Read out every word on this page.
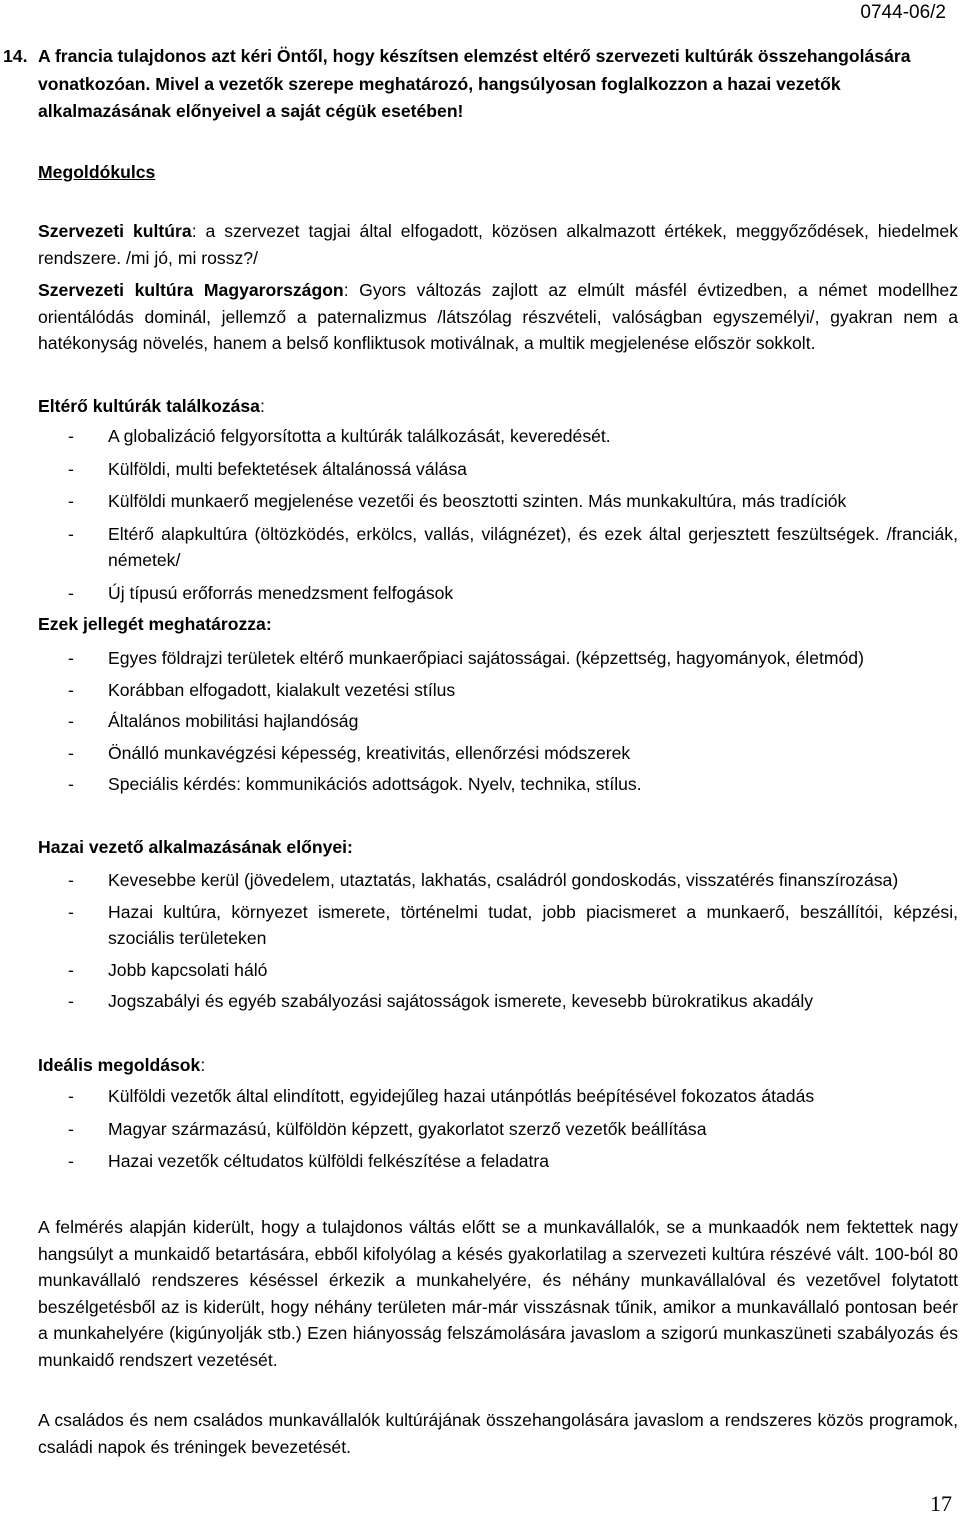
0744-06/2
14. A francia tulajdonos azt kéri Öntől, hogy készítsen elemzést eltérő szervezeti kultúrák összehangolására vonatkozóan. Mivel a vezetők szerepe meghatározó, hangsúlyosan foglalkozzon a hazai vezetők alkalmazásának előnyeivel a saját cégük esetében!
Megoldókulcs

Szervezeti kultúra: a szervezet tagjai által elfogadott, közösen alkalmazott értékek, meggyőződések, hiedelmek rendszere. /mi jó, mi rossz?/

Szervezeti kultúra Magyarországon: Gyors változás zajlott az elmúlt másfél évtizedben, a német modellhez orientálódás dominál, jellemző a paternalizmus /látszólag részvételi, valóságban egyszemélyi/, gyakran nem a hatékonyság növelés, hanem a belső konfliktusok motiválnak, a multik megjelenése először sokkolt.

Eltérő kultúrák találkozása:
- A globalizáció felgyorsította a kultúrák találkozását, keveredését.
- Külföldi, multi befektetések általánossá válása
- Külföldi munkaerő megjelenése vezetői és beosztotti szinten. Más munkakultúra, más tradíciók
- Eltérő alapkultúra (öltözködés, erkölcs, vallás, világnézet), és ezek által gerjesztett feszültségek. /franciák, németek/
- Új típusú erőforrás menedzsment felfogások
Ezek jellegét meghatározza:
- Egyes földrajzi területek eltérő munkaerőpiaci sajátosságai. (képzettség, hagyományok, életmód)
- Korábban elfogadott, kialakult vezetési stílus
- Általános mobilitási hajlandóság
- Önálló munkavégzési képesség, kreativitás, ellenőrzési módszerek
- Speciális kérdés: kommunikációs adottságok. Nyelv, technika, stílus.
Hazai vezető alkalmazásának előnyei:
- Kevesebbe kerül (jövedelem, utaztatás, lakhatás, családról gondoskodás, visszatérés finanszírozása)
- Hazai kultúra, környezet ismerete, történelmi tudat, jobb piacismeret a munkaerő, beszállítói, képzési, szociális területeken
- Jobb kapcsolati háló
- Jogszabályi és egyéb szabályozási sajátosságok ismerete, kevesebb bürokratikus akadály
Ideális megoldások:
- Külföldi vezetők által elindított, egyidejűleg hazai utánpótlás beépítésével fokozatos átadás
- Magyar származású, külföldön képzett, gyakorlatot szerző vezetők beállítása
- Hazai vezetők céltudatos külföldi felkészítése a feladatra

A felmérés alapján kiderült, hogy a tulajdonos váltás előtt se a munkavállalók, se a munkaadók nem fektettek nagy hangsúlyt a munkaidő betartására, ebből kifolyólag a késés gyakorlatilag a szervezeti kultúra részévé vált. 100-ból 80 munkavállaló rendszeres késéssel érkezik a munkahelyére, és néhány munkavállalóval és vezetővel folytatott beszélgetésből az is kiderült, hogy néhány területen már-már visszásnak tűnik, amikor a munkavállaló pontosan beér a munkahelyére (kigúnyolják stb.) Ezen hiányosság felszámolására javaslom a szigorú munkaszüneti szabályozás és munkaidő rendszert vezetését.

A családos és nem családos munkavállalók kultúrájának összehangolására javaslom a rendszeres közös programok, családi napok és tréningek bevezetését.

17
